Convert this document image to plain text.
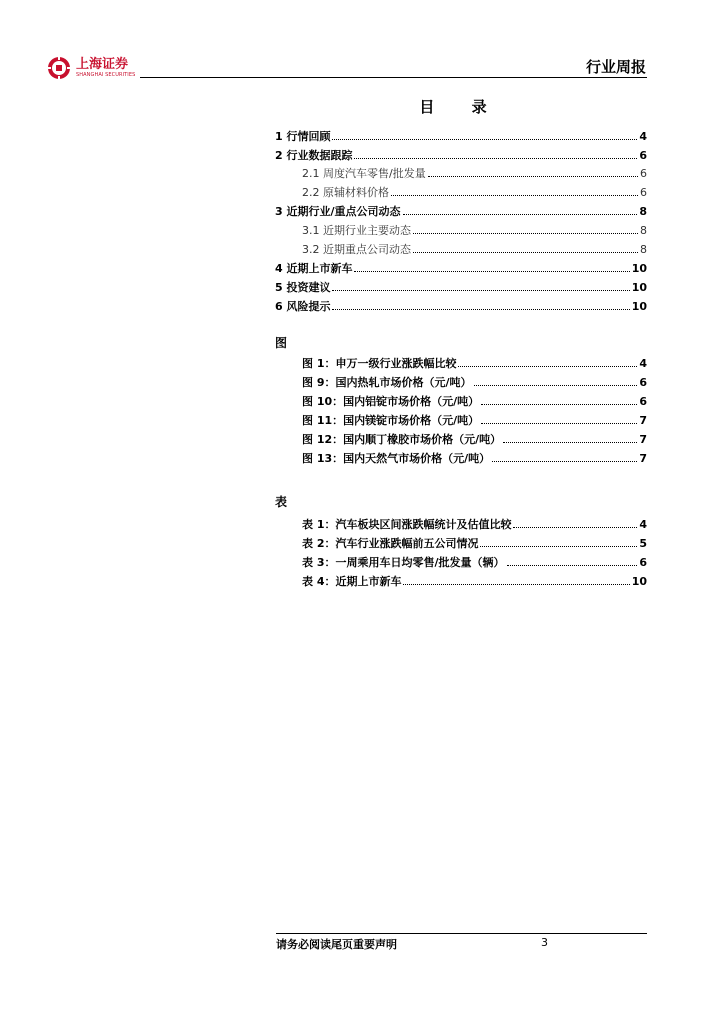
上海证券
SHANGHAI SECURITIES	行业周报
目 录
1 行情回顾	4
2 行业数据跟踪	6
2.1 周度汽车零售/批发量	6
2.2 原辅材料价格	6
3 近期行业/重点公司动态	8
3.1 近期行业主要动态	8
3.2 近期重点公司动态	8
4 近期上市新车	10
5 投资建议	10
6 风险提示	10
图
图 1：申万一级行业涨跌幅比较	4
图 9：国内热轧市场价格（元/吨）	6
图 10：国内铝锭市场价格（元/吨）	6
图 11：国内镁锭市场价格（元/吨）	7
图 12：国内顺丁橡胶市场价格（元/吨）	7
图 13：国内天然气市场价格（元/吨）	7
表
表 1：汽车板块区间涨跌幅统计及估值比较	4
表 2：汽车行业涨跌幅前五公司情况	5
表 3：一周乘用车日均零售/批发量（辆）	6
表 4：近期上市新车	10
请务必阅读尾页重要声明	3
